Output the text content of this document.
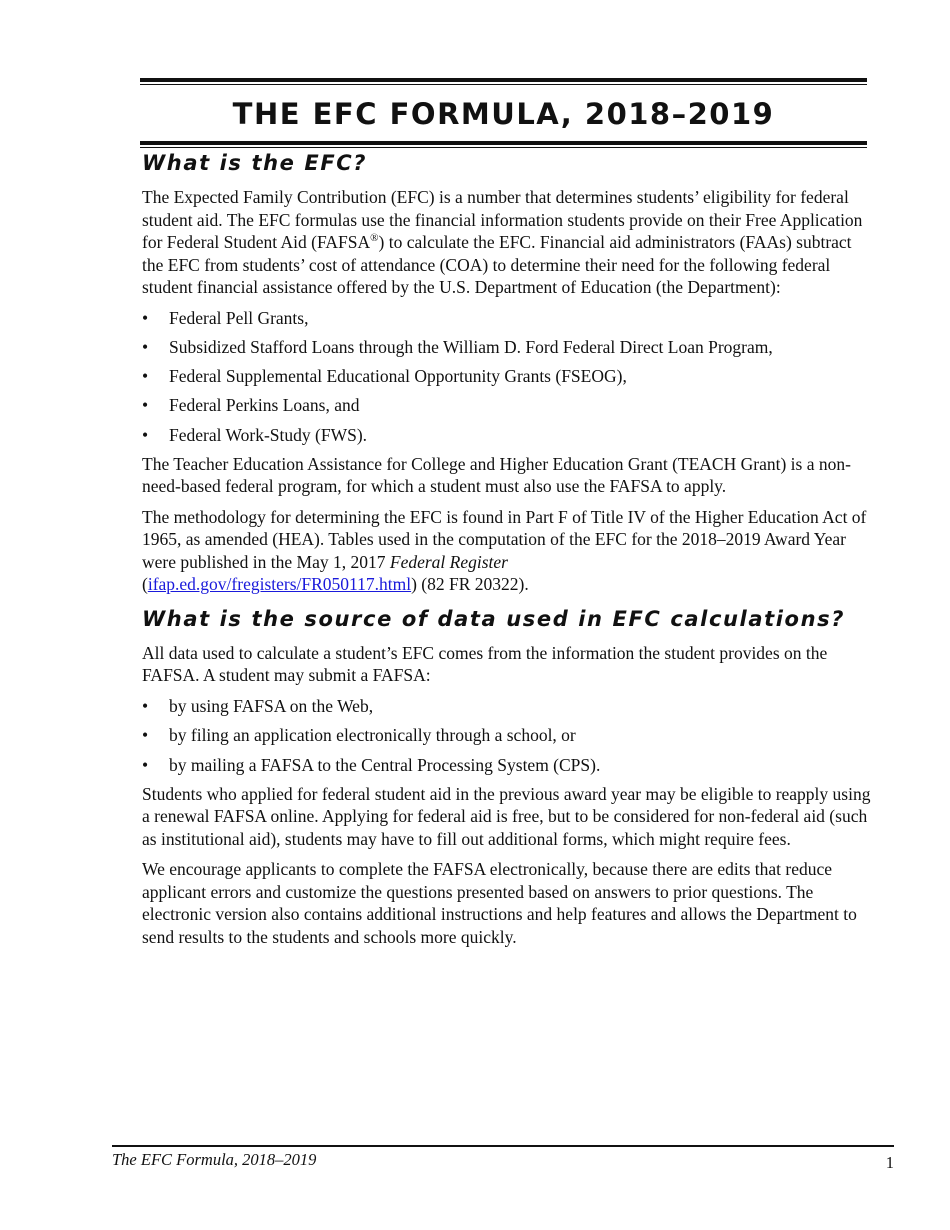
THE EFC FORMULA, 2018–2019
What is the EFC?

The Expected Family Contribution (EFC) is a number that determines students’ eligibility for federal student aid. The EFC formulas use the financial information students provide on their Free Application for Federal Student Aid (FAFSA®) to calculate the EFC. Financial aid administrators (FAAs) subtract the EFC from students’ cost of attendance (COA) to determine their need for the following federal student financial assistance offered by the U.S. Department of Education (the Department):

• Federal Pell Grants,
• Subsidized Stafford Loans through the William D. Ford Federal Direct Loan Program,
• Federal Supplemental Educational Opportunity Grants (FSEOG),
• Federal Perkins Loans, and
• Federal Work-Study (FWS).

The Teacher Education Assistance for College and Higher Education Grant (TEACH Grant) is a non-need-based federal program, for which a student must also use the FAFSA to apply.

The methodology for determining the EFC is found in Part F of Title IV of the Higher Education Act of 1965, as amended (HEA). Tables used in the computation of the EFC for the 2018–2019 Award Year were published in the May 1, 2017 Federal Register
(ifap.ed.gov/fregisters/FR050117.html) (82 FR 20322).

What is the source of data used in EFC calculations?

All data used to calculate a student’s EFC comes from the information the student provides on the FAFSA. A student may submit a FAFSA:

• by using FAFSA on the Web,
• by filing an application electronically through a school, or
• by mailing a FAFSA to the Central Processing System (CPS).

Students who applied for federal student aid in the previous award year may be eligible to reapply using a renewal FAFSA online. Applying for federal aid is free, but to be considered for non-federal aid (such as institutional aid), students may have to fill out additional forms, which might require fees.

We encourage applicants to complete the FAFSA electronically, because there are edits that reduce applicant errors and customize the questions presented based on answers to prior questions. The electronic version also contains additional instructions and help features and allows the Department to send results to the students and schools more quickly.

The EFC Formula, 2018–2019	1
